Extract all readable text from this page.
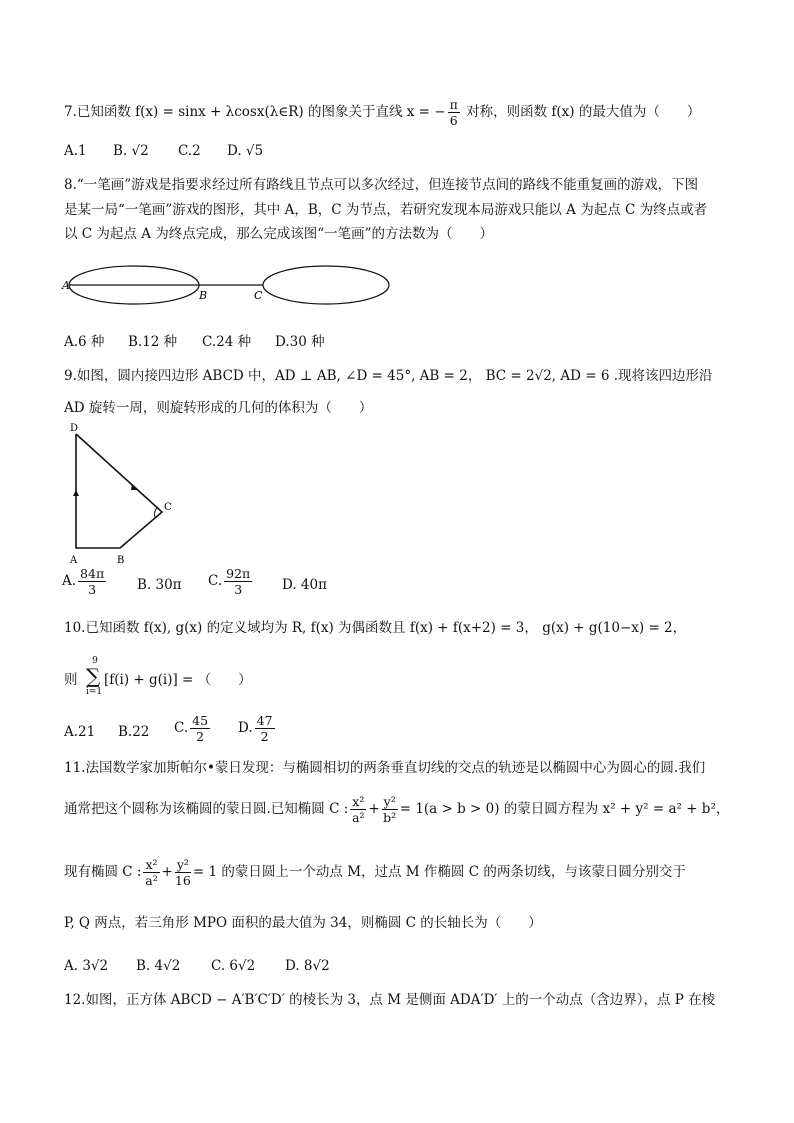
7.已知函数 f(x) = sinx + λcosx(λ∈R) 的图象关于直线 x = − $\frac{\pi}{6}$ 对称，则函数 f(x) 的最大值为（　　）
A.1 B. √2 C.2 D. √5
8.“一笔画”游戏是指要求经过所有路线且节点可以多次经过，但连接节点间的路线不能重复画的游戏，下图
是某一局“一笔画”游戏的图形，其中 A，B，C 为节点，若研究发现本局游戏只能以 A 为起点 C 为终点或者
以 C 为起点 A 为终点完成，那么完成该图“一笔画”的方法数为（　　）
A
B	C
A.6 种 B.12 种 C.24 种 D.30 种
9.如图，圆内接四边形 ABCD 中，AD ⊥ AB, ∠D = 45°, AB = 2， BC = 2√2, AD = 6 .现将该四边形沿
AD 旋转一周，则旋转形成的几何的体积为（　　）
D
A	B
C
A. $\frac{84\pi}{3} B$. 30π C. $\frac{92\pi}{3} D$. 40π
10.已知函数 f(x), g(x) 的定义域均为 R, f(x) 为偶函数且 f(x) + f(x+2) = 3， g(x) + g(10−x) = 2，
则
9
∑
i=1
[f(i) + g(i)] = （　　）
A.21 B.22 C. $\frac{45}{2} D$. $\frac{47}{2}$
11.法国数学家加斯帕尔•蒙日发现：与椭圆相切的两条垂直切线的交点的轨迹是以椭圆中心为圆心的圆.我们
通常把这个圆称为该椭圆的蒙日圆.已知椭圆 C : $\frac{\text{x²}}{\text{a²}} + \frac{\text{y²}}{\text{b²}} = 1(a > b > 0)$ 的蒙日圆方程为 x² + y² = a² + b²，
现有椭圆 C : $\frac{\text{x²}}{\text{a²}} + \frac{\text{y²}}{16} = 1$ 的蒙日圆上一个动点 M，过点 M 作椭圆 C 的两条切线，与该蒙日圆分别交于
P, Q 两点，若三角形 MPO 面积的最大值为 34，则椭圆 C 的长轴长为（　　）
A. 3√2 B. 4√2 C. 6√2 D. 8√2
12.如图，正方体 ABCD − A′B′C′D′ 的棱长为 3，点 M 是侧面 ADA′D′ 上的一个动点（含边界），点 P 在棱
